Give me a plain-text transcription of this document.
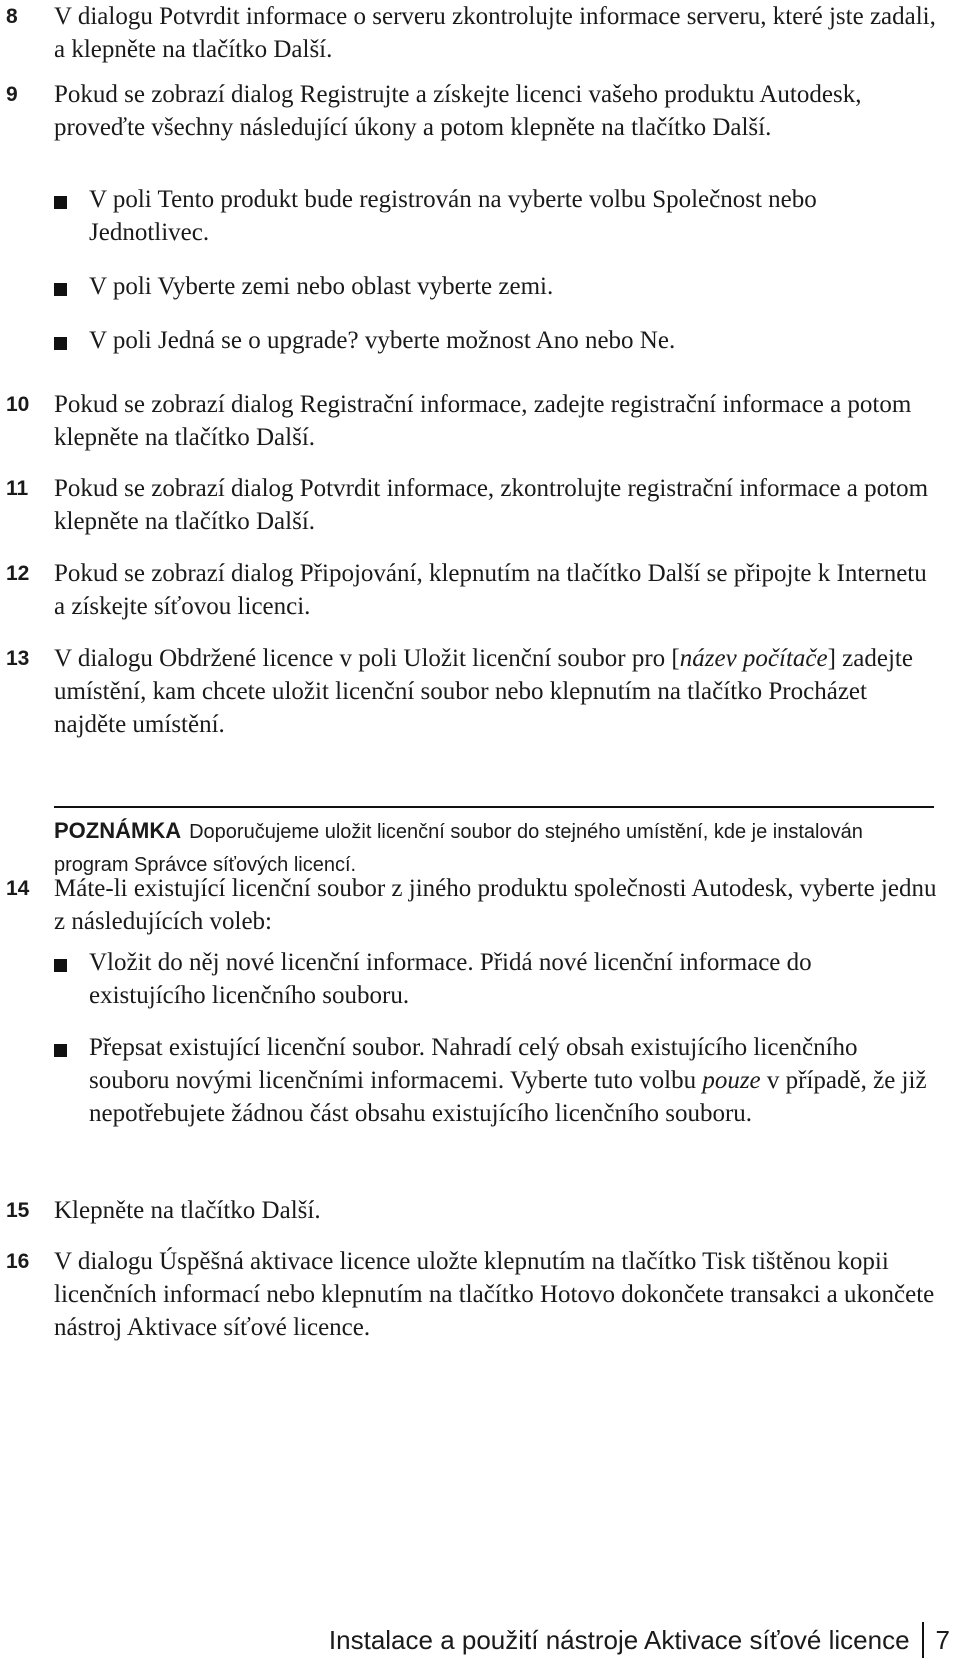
8	V dialogu Potvrdit informace o serveru zkontrolujte informace serveru, které jste zadali, a klepněte na tlačítko Další.
9	Pokud se zobrazí dialog Registrujte a získejte licenci vašeho produktu Autodesk, proveďte všechny následující úkony a potom klepněte na tlačítko Další.
V poli Tento produkt bude registrován na vyberte volbu Společnost nebo Jednotlivec.
V poli Vyberte zemi nebo oblast vyberte zemi.
V poli Jedná se o upgrade? vyberte možnost Ano nebo Ne.
10 Pokud se zobrazí dialog Registrační informace, zadejte registrační informace a potom klepněte na tlačítko Další.
11	Pokud se zobrazí dialog Potvrdit informace, zkontrolujte registrační informace a potom klepněte na tlačítko Další.
12 Pokud se zobrazí dialog Připojování, klepnutím na tlačítko Další se připojte k Internetu a získejte síťovou licenci.
13 V dialogu Obdržené licence v poli Uložit licenční soubor pro [název počítače] zadejte umístění, kam chcete uložit licenční soubor nebo klepnutím na tlačítko Procházet najděte umístění.
POZNÁMKA Doporučujeme uložit licenční soubor do stejného umístění, kde je instalován program Správce síťových licencí.
14 Máte-li existující licenční soubor z jiného produktu společnosti Autodesk, vyberte jednu z následujících voleb:
Vložit do něj nové licenční informace. Přidá nové licenční informace do existujícího licenčního souboru.
Přepsat existující licenční soubor. Nahradí celý obsah existujícího licenčního souboru novými licenčními informacemi. Vyberte tuto volbu pouze v případě, že již nepotřebujete žádnou část obsahu existujícího licenčního souboru.
15 Klepněte na tlačítko Další.
16 V dialogu Úspěšná aktivace licence uložte klepnutím na tlačítko Tisk tištěnou kopii licenčních informací nebo klepnutím na tlačítko Hotovo dokončete transakci a ukončete nástroj Aktivace síťové licence.
Instalace a použití nástroje Aktivace síťové licence 7
